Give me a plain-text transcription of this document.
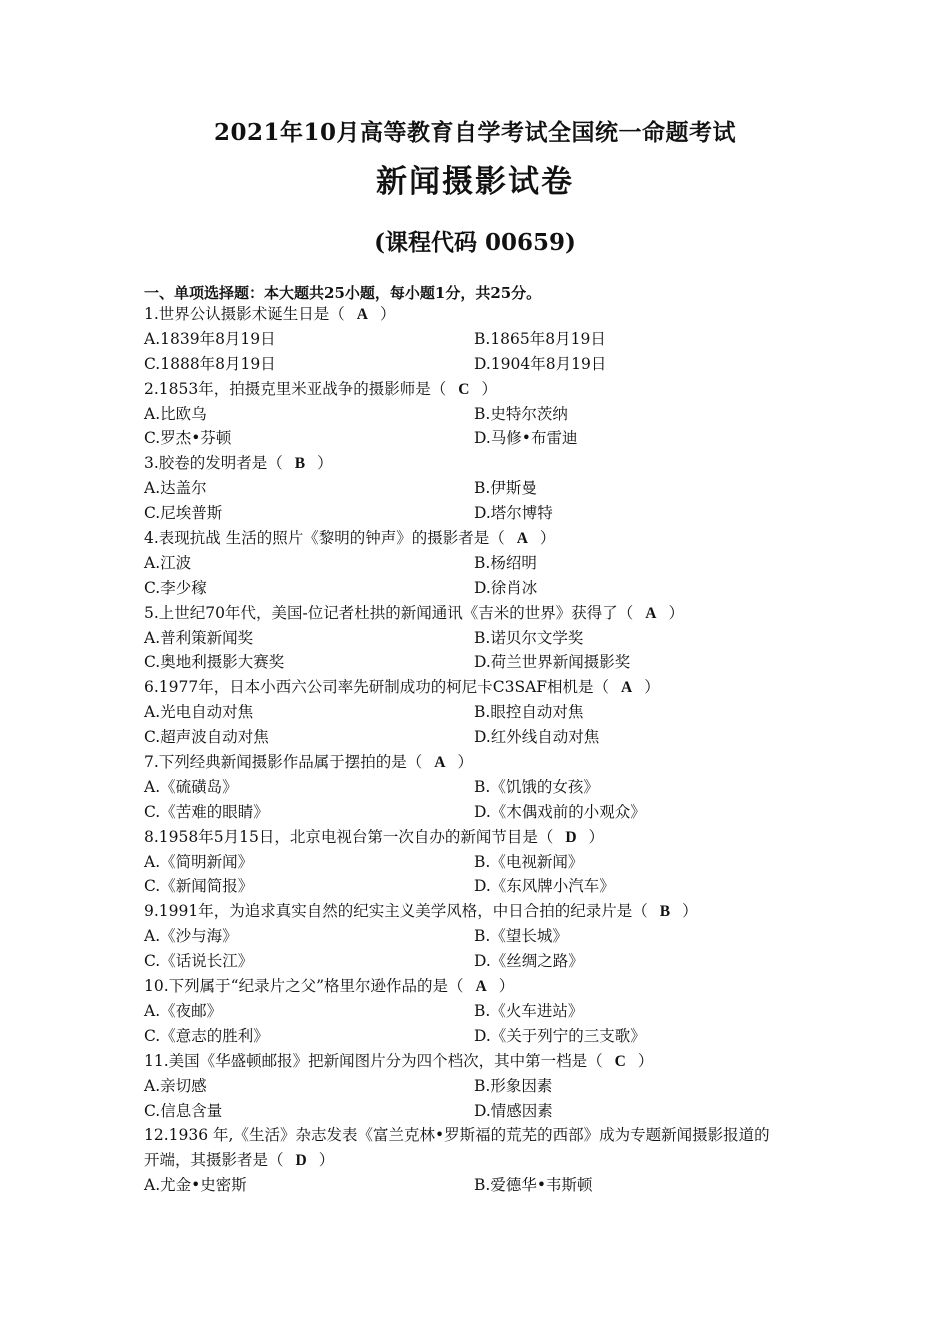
2021年10月高等教育自学考试全国统一命题考试
新闻摄影试卷
(课程代码 00659)
一、单项选择题：本大题共25小题，每小题1分，共25分。
1.世界公认摄影术诞生日是（ A ）
A.1839年8月19日	B.1865年8月19日
C.1888年8月19日	D.1904年8月19日
2.1853年，拍摄克里米亚战争的摄影师是（ C ）
A.比欧乌	B.史特尔茨纳
C.罗杰•芬顿	D.马修•布雷迪
3.胶卷的发明者是（ B ）
A.达盖尔	B.伊斯曼
C.尼埃普斯	D.塔尔博特
4.表现抗战 生活的照片《黎明的钟声》的摄影者是（ A ）
A.江波	B.杨绍明
C.李少稼	D.徐肖冰
5.上世纪70年代，美国-位记者杜拱的新闻通讯《吉米的世界》获得了（ A ）
A.普利策新闻奖	B.诺贝尔文学奖
C.奥地利摄影大赛奖	D.荷兰世界新闻摄影奖
6.1977年，日本小西六公司率先研制成功的柯尼卡C3SAF相机是（ A ）
A.光电自动对焦	B.眼控自动对焦
C.超声波自动对焦	D.红外线自动对焦
7.下列经典新闻摄影作品属于摆拍的是（ A ）
A.《硫磺岛》	B.《饥饿的女孩》
C.《苦难的眼睛》	D.《木偶戏前的小观众》
8.1958年5月15日，北京电视台第一次自办的新闻节目是（ D ）
A.《简明新闻》	B.《电视新闻》
C.《新闻简报》	D.《东风牌小汽车》
9.1991年，为追求真实自然的纪实主义美学风格，中日合拍的纪录片是（ B ）
A.《沙与海》	B.《望长城》
C.《话说长江》	D.《丝绸之路》
10.下列属于“纪录片之父”格里尔逊作品的是（ A ）
A.《夜邮》	B.《火车进站》
C.《意志的胜利》	D.《关于列宁的三支歌》
11.美国《华盛顿邮报》把新闻图片分为四个档次，其中第一档是（ C ）
A.亲切感	B.形象因素
C.信息含量	D.情感因素
12.1936 年,《生活》杂志发表《富兰克林•罗斯福的荒芜的西部》成为专题新闻摄影报道的
开端，其摄影者是（ D ）
A.尤金•史密斯	B.爱德华•韦斯顿
